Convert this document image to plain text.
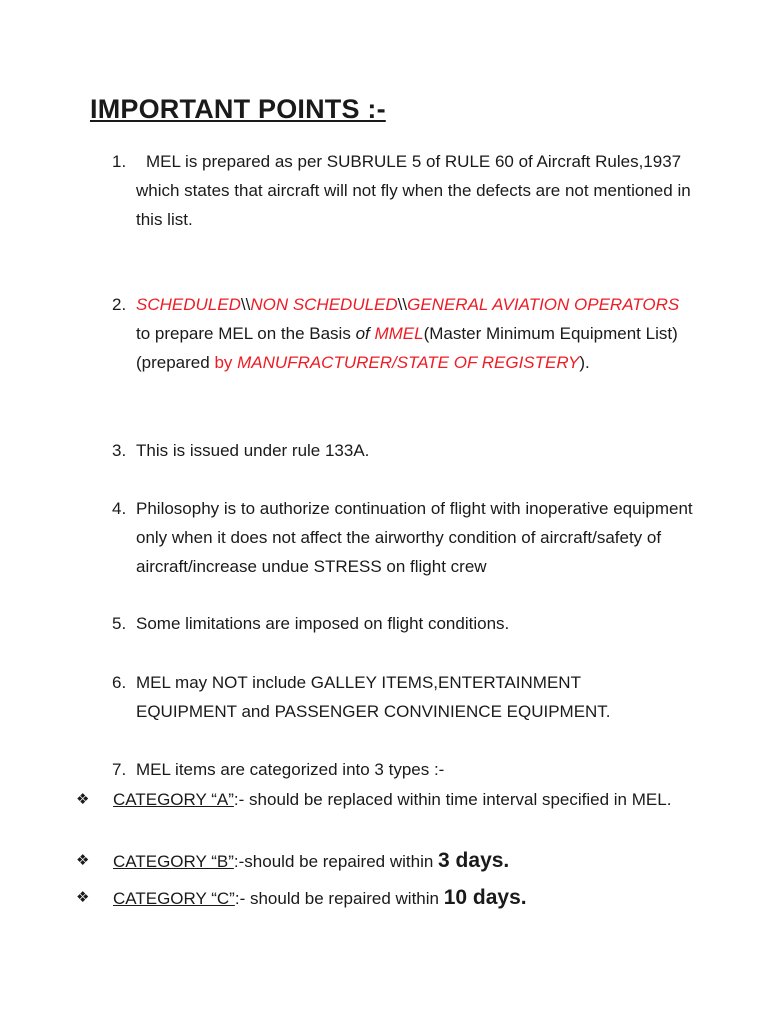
IMPORTANT POINTS :-
1.	MEL is prepared as per SUBRULE 5 of RULE 60 of Aircraft Rules,1937 which states that aircraft will not fly when the defects are not mentioned in this list.
2. SCHEDULED\\NON SCHEDULED\\GENERAL AVIATION OPERATORS to prepare MEL on the Basis of MMEL(Master Minimum Equipment List)(prepared by MANUFRACTURER/STATE OF REGISTERY).
3. This is issued under rule 133A.
4. Philosophy is to authorize continuation of flight with inoperative equipment only when it does not affect the airworthy condition of aircraft/safety of aircraft/increase undue STRESS on flight crew
5. Some limitations are imposed on flight conditions.
6. MEL may NOT include GALLEY ITEMS,ENTERTAINMENT EQUIPMENT and PASSENGER CONVINIENCE EQUIPMENT.
7. MEL items are categorized into 3 types :-
❖ CATEGORY “A”:- should be replaced within time interval specified in MEL.
❖ CATEGORY “B”:-should be repaired within 3 days.
❖ CATEGORY “C”:- should be repaired within 10 days.
